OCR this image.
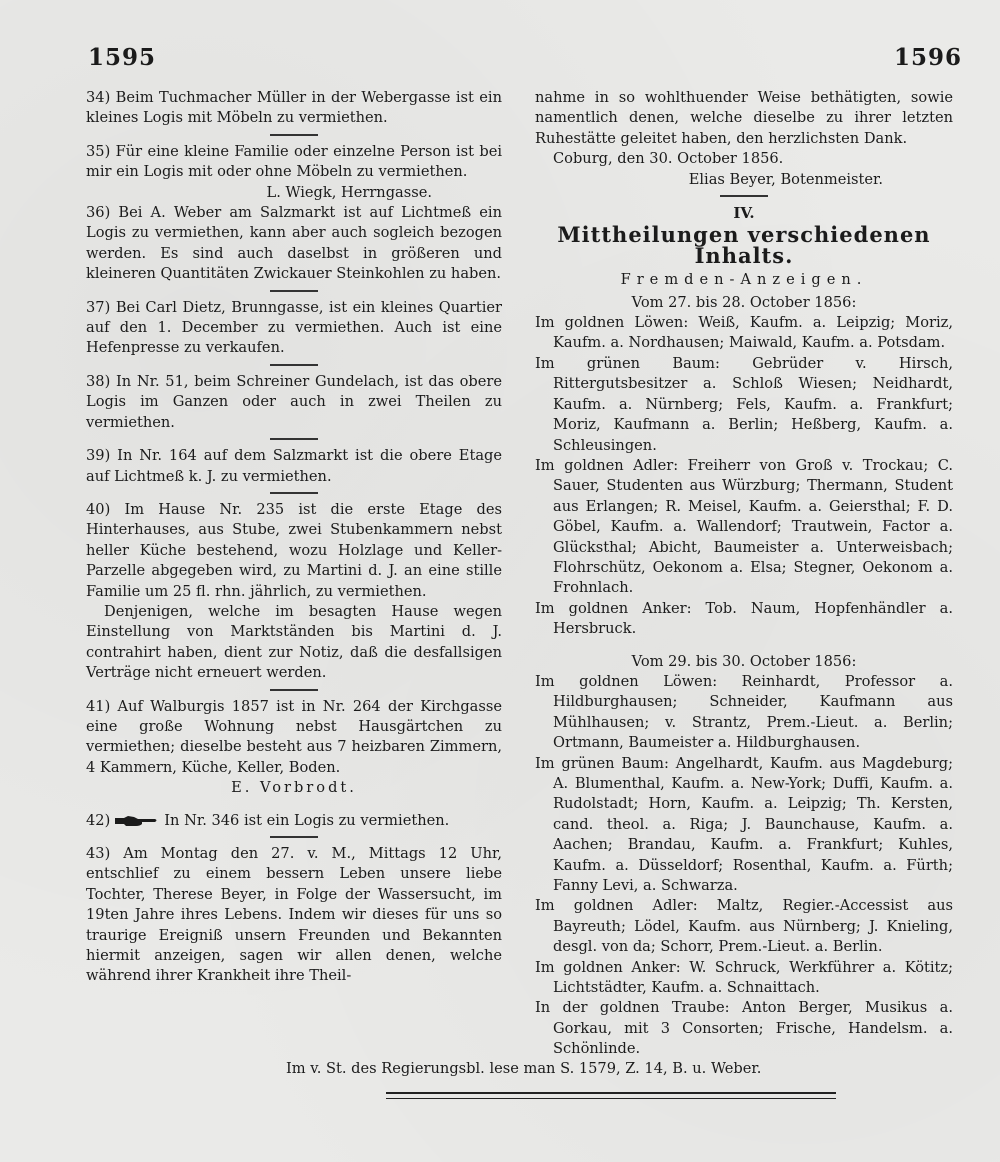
1595	1596

34) Beim Tuchmacher Müller in der Webergasse ist ein kleines Logis mit Möbeln zu vermiethen.

35) Für eine kleine Familie oder einzelne Person ist bei mir ein Logis mit oder ohne Möbeln zu vermiethen.

L. Wiegk, Herrngasse.

36) Bei A. Weber am Salzmarkt ist auf Lichtmeß ein Logis zu vermiethen, kann aber auch sogleich bezogen werden. Es sind auch daselbst in größeren und kleineren Quantitäten Zwickauer Steinkohlen zu haben.

37) Bei Carl Dietz, Brunngasse, ist ein kleines Quartier auf den 1. December zu vermiethen. Auch ist eine Hefenpresse zu verkaufen.

38) In Nr. 51, beim Schreiner Gundelach, ist das obere Logis im Ganzen oder auch in zwei Theilen zu vermiethen.

39) In Nr. 164 auf dem Salzmarkt ist die obere Etage auf Lichtmeß k. J. zu vermiethen.

40) Im Hause Nr. 235 ist die erste Etage des Hinterhauses, aus Stube, zwei Stubenkammern nebst heller Küche bestehend, wozu Holzlage und Keller-Parzelle abgegeben wird, zu Martini d. J. an eine stille Familie um 25 fl. rhn. jährlich, zu vermiethen.

Denjenigen, welche im besagten Hause wegen Einstellung von Marktständen bis Martini d. J. contrahirt haben, dient zur Notiz, daß die desfallsigen Verträge nicht erneuert werden.

41) Auf Walburgis 1857 ist in Nr. 264 der Kirchgasse eine große Wohnung nebst Hausgärtchen zu vermiethen; dieselbe besteht aus 7 heizbaren Zimmern, 4 Kammern, Küche, Keller, Boden.

E. Vorbrodt.

42)	In Nr. 346 ist ein Logis zu vermiethen.

43) Am Montag den 27. v. M., Mittags 12 Uhr, entschlief zu einem bessern Leben unsere liebe Tochter, Therese Beyer, in Folge der Wassersucht, im 19ten Jahre ihres Lebens. Indem wir dieses für uns so traurige Ereigniß unsern Freunden und Bekannten hiermit anzeigen, sagen wir allen denen, welche während ihrer Krankheit ihre Theil-

nahme in so wohlthuender Weise bethätigten, sowie namentlich denen, welche dieselbe zu ihrer letzten Ruhestätte geleitet haben, den herzlichsten Dank.

Coburg, den 30. October 1856.

Elias Beyer, Botenmeister.

IV.
Mittheilungen verschiedenen Inhalts.
Fremden-Anzeigen.
Vom 27. bis 28. October 1856:

Im goldnen Löwen: Weiß, Kaufm. a. Leipzig; Moriz, Kaufm. a. Nordhausen; Maiwald, Kaufm. a. Potsdam.

Im grünen Baum: Gebrüder v. Hirsch, Rittergutsbesitzer a. Schloß Wiesen; Neidhardt, Kaufm. a. Nürnberg; Fels, Kaufm. a. Frankfurt; Moriz, Kaufmann a. Berlin; Heßberg, Kaufm. a. Schleusingen.

Im goldnen Adler: Freiherr von Groß v. Trockau; C. Sauer, Studenten aus Würzburg; Thermann, Student aus Erlangen; R. Meisel, Kaufm. a. Geiersthal; F. D. Göbel, Kaufm. a. Wallendorf; Trautwein, Factor a. Glücksthal; Abicht, Baumeister a. Unterweisbach; Flohrschütz, Oekonom a. Elsa; Stegner, Oekonom a. Frohnlach.

Im goldnen Anker: Tob. Naum, Hopfenhändler a. Hersbruck.

Vom 29. bis 30. October 1856:

Im goldnen Löwen: Reinhardt, Professor a. Hildburghausen; Schneider, Kaufmann aus Mühlhausen; v. Strantz, Prem.-Lieut. a. Berlin; Ortmann, Baumeister a. Hildburghausen.

Im grünen Baum: Angelhardt, Kaufm. aus Magdeburg; A. Blumenthal, Kaufm. a. New-York; Duffi, Kaufm. a. Rudolstadt; Horn, Kaufm. a. Leipzig; Th. Kersten, cand. theol. a. Riga; J. Baunchause, Kaufm. a. Aachen; Brandau, Kaufm. a. Frankfurt; Kuhles, Kaufm. a. Düsseldorf; Rosenthal, Kaufm. a. Fürth; Fanny Levi, a. Schwarza.

Im goldnen Adler: Maltz, Regier.-Accessist aus Bayreuth; Lödel, Kaufm. aus Nürnberg; J. Knieling, desgl. von da; Schorr, Prem.-Lieut. a. Berlin.

Im goldnen Anker: W. Schruck, Werkführer a. Kötitz; Lichtstädter, Kaufm. a. Schnaittach.

In der goldnen Traube: Anton Berger, Musikus a. Gorkau, mit 3 Consorten; Frische, Handelsm. a. Schönlinde.

Im v. St. des Regierungsbl. lese man S. 1579, Z. 14, B. u. Weber.
